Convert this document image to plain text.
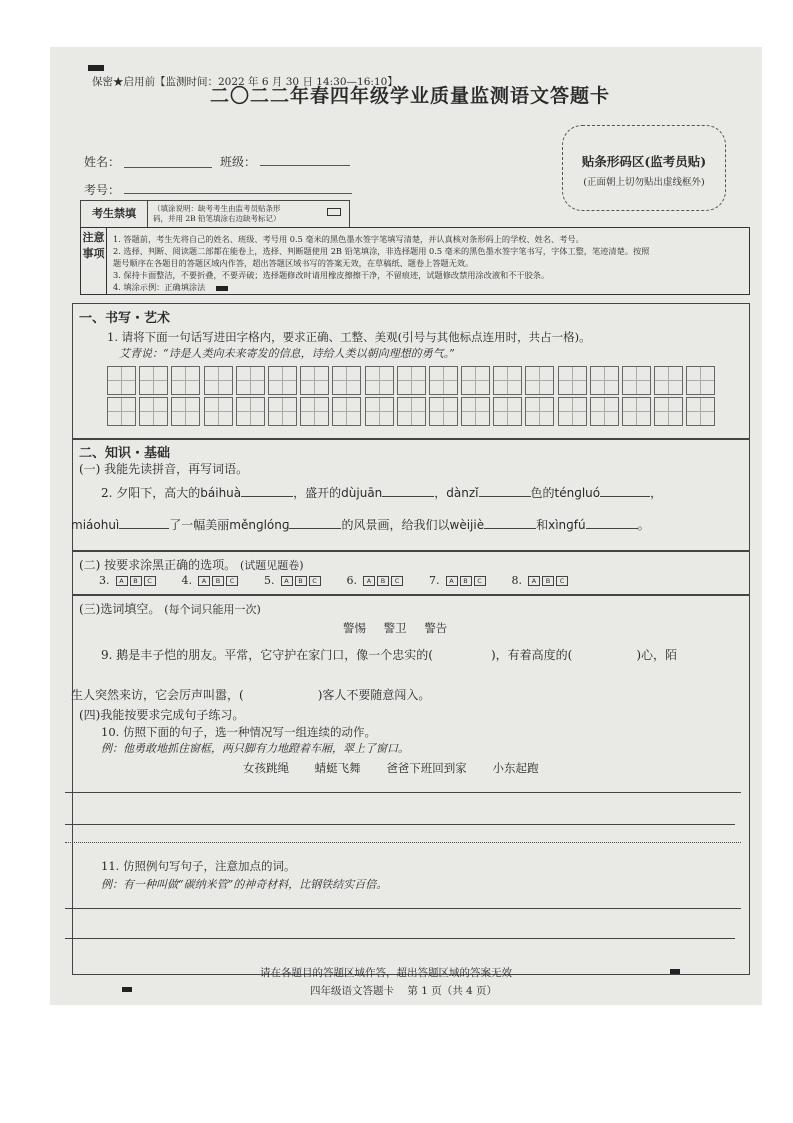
保密★启用前【监测时间：2022 年 6 月 30 日 14:30—16:10】
二〇二二年春四年级学业质量监测语文答题卡
姓名：	班级：
考号：
考生禁填	（填涂说明：缺考考生由监考员贴条形
码，并用 2B 铅笔填涂右边缺考标记）
贴条形码区(监考员贴)
(正面朝上切勿贴出虚线框外)
注意事项
1. 答题前，考生先将自己的姓名、班级、考号用 0.5 毫米的黑色墨水签字笔填写清楚，并认真核对条形码上的学校、姓名、考号。
2. 选择、判断、阅读题二部都在能卷上，选择、判断题使用 2B 铅笔填涂，非选择题用 0.5 毫米的黑色墨水签字笔书写，字体工整，笔迹清楚。按照
题号顺序在各题目的答题区域内作答，超出答题区域书写的答案无效，在草稿纸、题卷上答题无效。
3. 保持卡面整洁，不要折叠，不要弄破；选择题修改时请用橡皮擦擦干净，不留痕迹，试题修改禁用涂改液和不干胶条。
4. 填涂示例：正确填涂法
一、书写・艺术
1. 请将下面一句话写进田字格内，要求正确、工整、美观(引号与其他标点连用时，共占一格)。
艾青说：“诗是人类向未来寄发的信息，诗给人类以朝向理想的勇气。”
二、知识・基础
(一) 我能先读拼音，再写词语。
2. 夕阳下，高大的báihuà	，盛开的dùjuān	，dànzǐ	色的ténɡluó	，
miáohuì	了一幅美丽měnɡlónɡ	的风景画，给我们以wèijiè	和xìnɡfú	。
(二) 按要求涂黑正确的选项。 (试题见题卷)
3. A B C	4. A B C	5. A B C	6. A B C	7. A B C	8. A B C
(三)选词填空。 (每个词只能用一次)
警惕 警卫 警告
9. 鹅是丰子恺的朋友。平常，它守护在家门口，像一个忠实的(	)，有着高度的(	)心，陌
生人突然来访，它会厉声叫嚣，(	)客人不要随意闯入。
(四)我能按要求完成句子练习。
10. 仿照下面的句子，选一种情况写一组连续的动作。
例：他勇敢地抓住窗框，两只脚有力地蹬着车厢，翠上了窗口。
女孩跳绳 蜻蜓飞舞 爸爸下班回到家 小东起跑
11. 仿照例句写句子，注意加点的词。
例：有一种叫做“碳纳米管”的神奇材料，比钢铁结实百倍。
请在各题目的答题区域作答，超出答题区域的答案无效
四年级语文答题卡    第 1 页（共 4 页）
